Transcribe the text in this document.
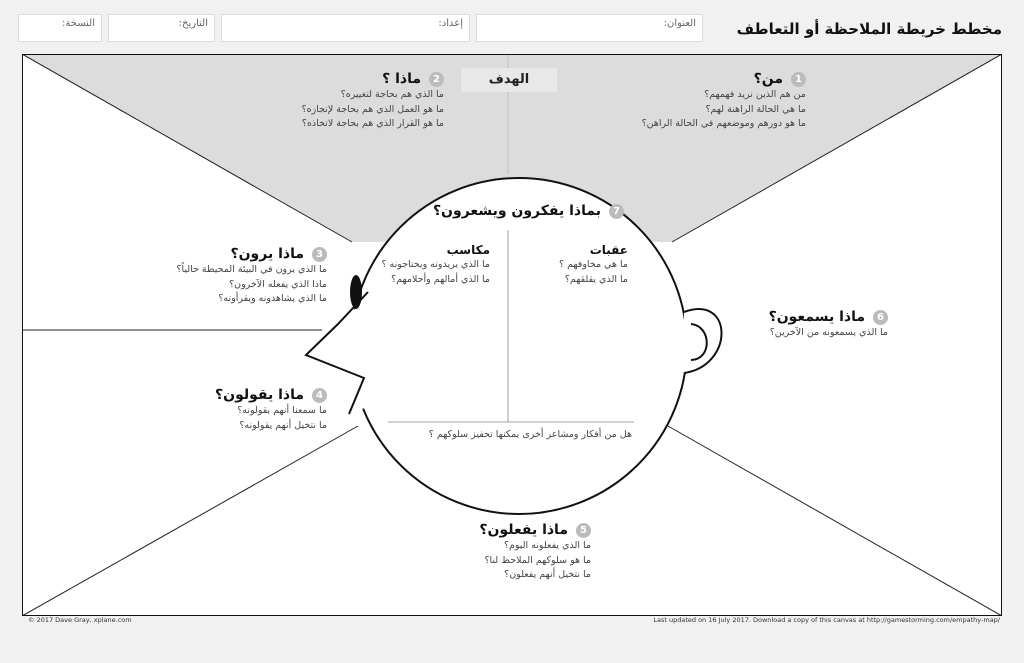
مخطط خريطة الملاحظة أو التعاطف
العنوان:
إعداد:
التاريخ:
النسخة:
الهدف	1من؟
من هم الذين نريد فهمهم؟
ما هي الحالة الراهنة لهم؟
ما هو دورهم وموضعهم في الحالة الراهن؟
2ماذا ؟
ما الذي هم بحاجة لتغييره؟
ما هو العمل الذي هم بحاجة لإنجازه؟
ما هو القرار الذي هم بحاجة لاتخاذه؟
3ماذا يرون؟
ما الذي يرون في البيئة المحيطة حالياً؟
ماذا الذي يفعله الآخرون؟
ما الذي يشاهدونه ويقرأونه؟
4ماذا يقولون؟
ما سمعنا أنهم يقولونه؟
ما نتخيل أنهم يقولونه؟
5ماذا يفعلون؟
ما الذي يفعلونه اليوم؟
ما هو سلوكهم الملاحظ لنا؟
ما نتخيل أنهم يفعلون؟
6ماذا يسمعون؟
ما الذي يسمعونه من الآخرين؟
7بماذا يفكرون ويشعرون؟
عقبات
ما هي مخاوفهم ؟
ما الذي يقلقهم؟
مكاسب
ما الذي يريدونه ويحتاجونه ؟
ما الذي أمالهم وأحلامهم؟
هل من أفكار ومشاعر أخرى يمكنها تحفيز سلوكهم ؟
© 2017 Dave Gray, xplane.com	Last updated on 16 July 2017. Download a copy of this canvas at http://gamestorming.com/empathy-map/
